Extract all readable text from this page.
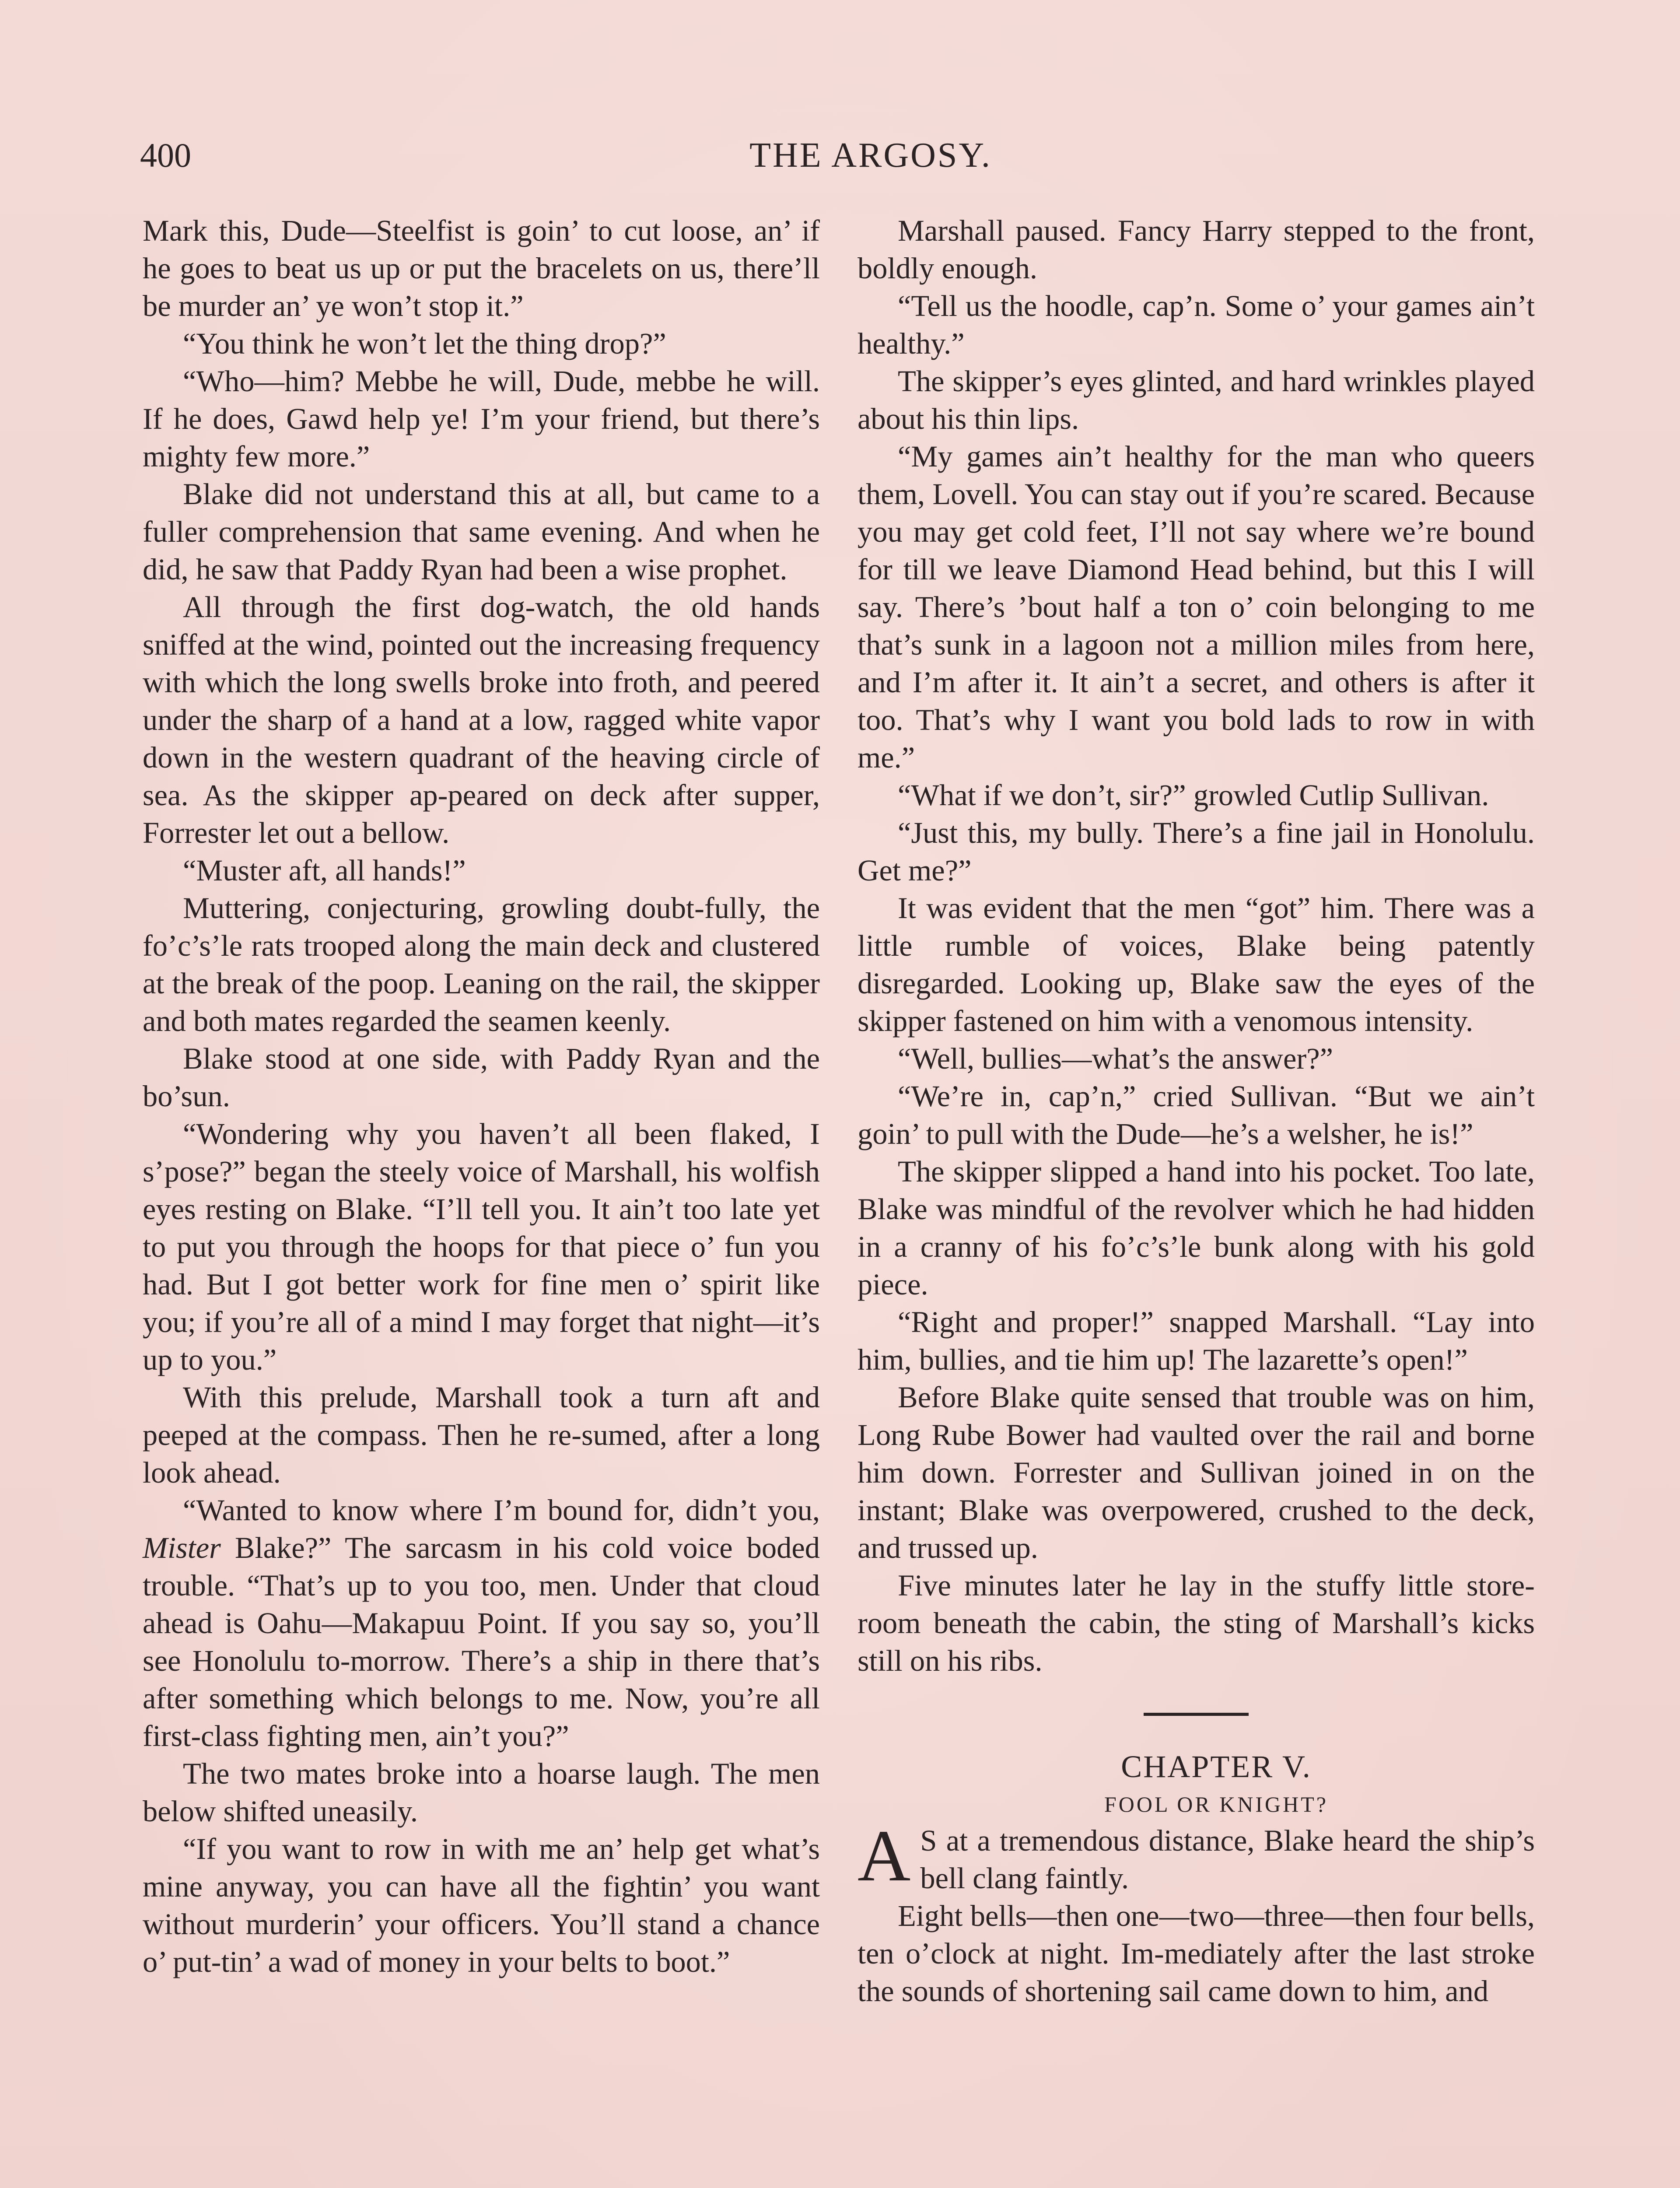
400	THE ARGOSY.

Mark this, Dude—Steelfist is goin’ to cut loose, an’ if he goes to beat us up or put the bracelets on us, there’ll be murder an’ ye won’t stop it.”

“You think he won’t let the thing drop?”

“Who—him? Mebbe he will, Dude, mebbe he will. If he does, Gawd help ye! I’m your friend, but there’s mighty few more.”

Blake did not understand this at all, but came to a fuller comprehension that same evening. And when he did, he saw that Paddy Ryan had been a wise prophet.

All through the first dog-watch, the old hands sniffed at the wind, pointed out the increasing frequency with which the long swells broke into froth, and peered under the sharp of a hand at a low, ragged white vapor down in the western quadrant of the heaving circle of sea. As the skipper ap-peared on deck after supper, Forrester let out a bellow.

“Muster aft, all hands!”

Muttering, conjecturing, growling doubt-fully, the fo’c’s’le rats trooped along the main deck and clustered at the break of the poop. Leaning on the rail, the skipper and both mates regarded the seamen keenly.

Blake stood at one side, with Paddy Ryan and the bo’sun.

“Wondering why you haven’t all been flaked, I s’pose?” began the steely voice of Marshall, his wolfish eyes resting on Blake. “I’ll tell you. It ain’t too late yet to put you through the hoops for that piece o’ fun you had. But I got better work for fine men o’ spirit like you; if you’re all of a mind I may forget that night—it’s up to you.”

With this prelude, Marshall took a turn aft and peeped at the compass. Then he re-sumed, after a long look ahead.

“Wanted to know where I’m bound for, didn’t you, Mister Blake?” The sarcasm in his cold voice boded trouble. “That’s up to you too, men. Under that cloud ahead is Oahu—Makapuu Point. If you say so, you’ll see Honolulu to-morrow. There’s a ship in there that’s after something which belongs to me. Now, you’re all first-class fighting men, ain’t you?”

The two mates broke into a hoarse laugh. The men below shifted uneasily.

“If you want to row in with me an’ help get what’s mine anyway, you can have all the fightin’ you want without murderin’ your officers. You’ll stand a chance o’ put-tin’ a wad of money in your belts to boot.”

Marshall paused. Fancy Harry stepped to the front, boldly enough.

“Tell us the hoodle, cap’n. Some o’ your games ain’t healthy.”

The skipper’s eyes glinted, and hard wrinkles played about his thin lips.

“My games ain’t healthy for the man who queers them, Lovell. You can stay out if you’re scared. Because you may get cold feet, I’ll not say where we’re bound for till we leave Diamond Head behind, but this I will say. There’s ’bout half a ton o’ coin belonging to me that’s sunk in a lagoon not a million miles from here, and I’m after it. It ain’t a secret, and others is after it too. That’s why I want you bold lads to row in with me.”

“What if we don’t, sir?” growled Cutlip Sullivan.

“Just this, my bully. There’s a fine jail in Honolulu. Get me?”

It was evident that the men “got” him. There was a little rumble of voices, Blake being patently disregarded. Looking up, Blake saw the eyes of the skipper fastened on him with a venomous intensity.

“Well, bullies—what’s the answer?”

“We’re in, cap’n,” cried Sullivan. “But we ain’t goin’ to pull with the Dude—he’s a welsher, he is!”

The skipper slipped a hand into his pocket. Too late, Blake was mindful of the revolver which he had hidden in a cranny of his fo’c’s’le bunk along with his gold piece.

“Right and proper!” snapped Marshall. “Lay into him, bullies, and tie him up! The lazarette’s open!”

Before Blake quite sensed that trouble was on him, Long Rube Bower had vaulted over the rail and borne him down. Forrester and Sullivan joined in on the instant; Blake was overpowered, crushed to the deck, and trussed up.

Five minutes later he lay in the stuffy little store-room beneath the cabin, the sting of Marshall’s kicks still on his ribs.

CHAPTER V.

FOOL OR KNIGHT?

A S at a tremendous distance, Blake heard the ship’s bell clang faintly.

Eight bells—then one—two—three—then four bells, ten o’clock at night. Im-mediately after the last stroke the sounds of shortening sail came down to him, and
